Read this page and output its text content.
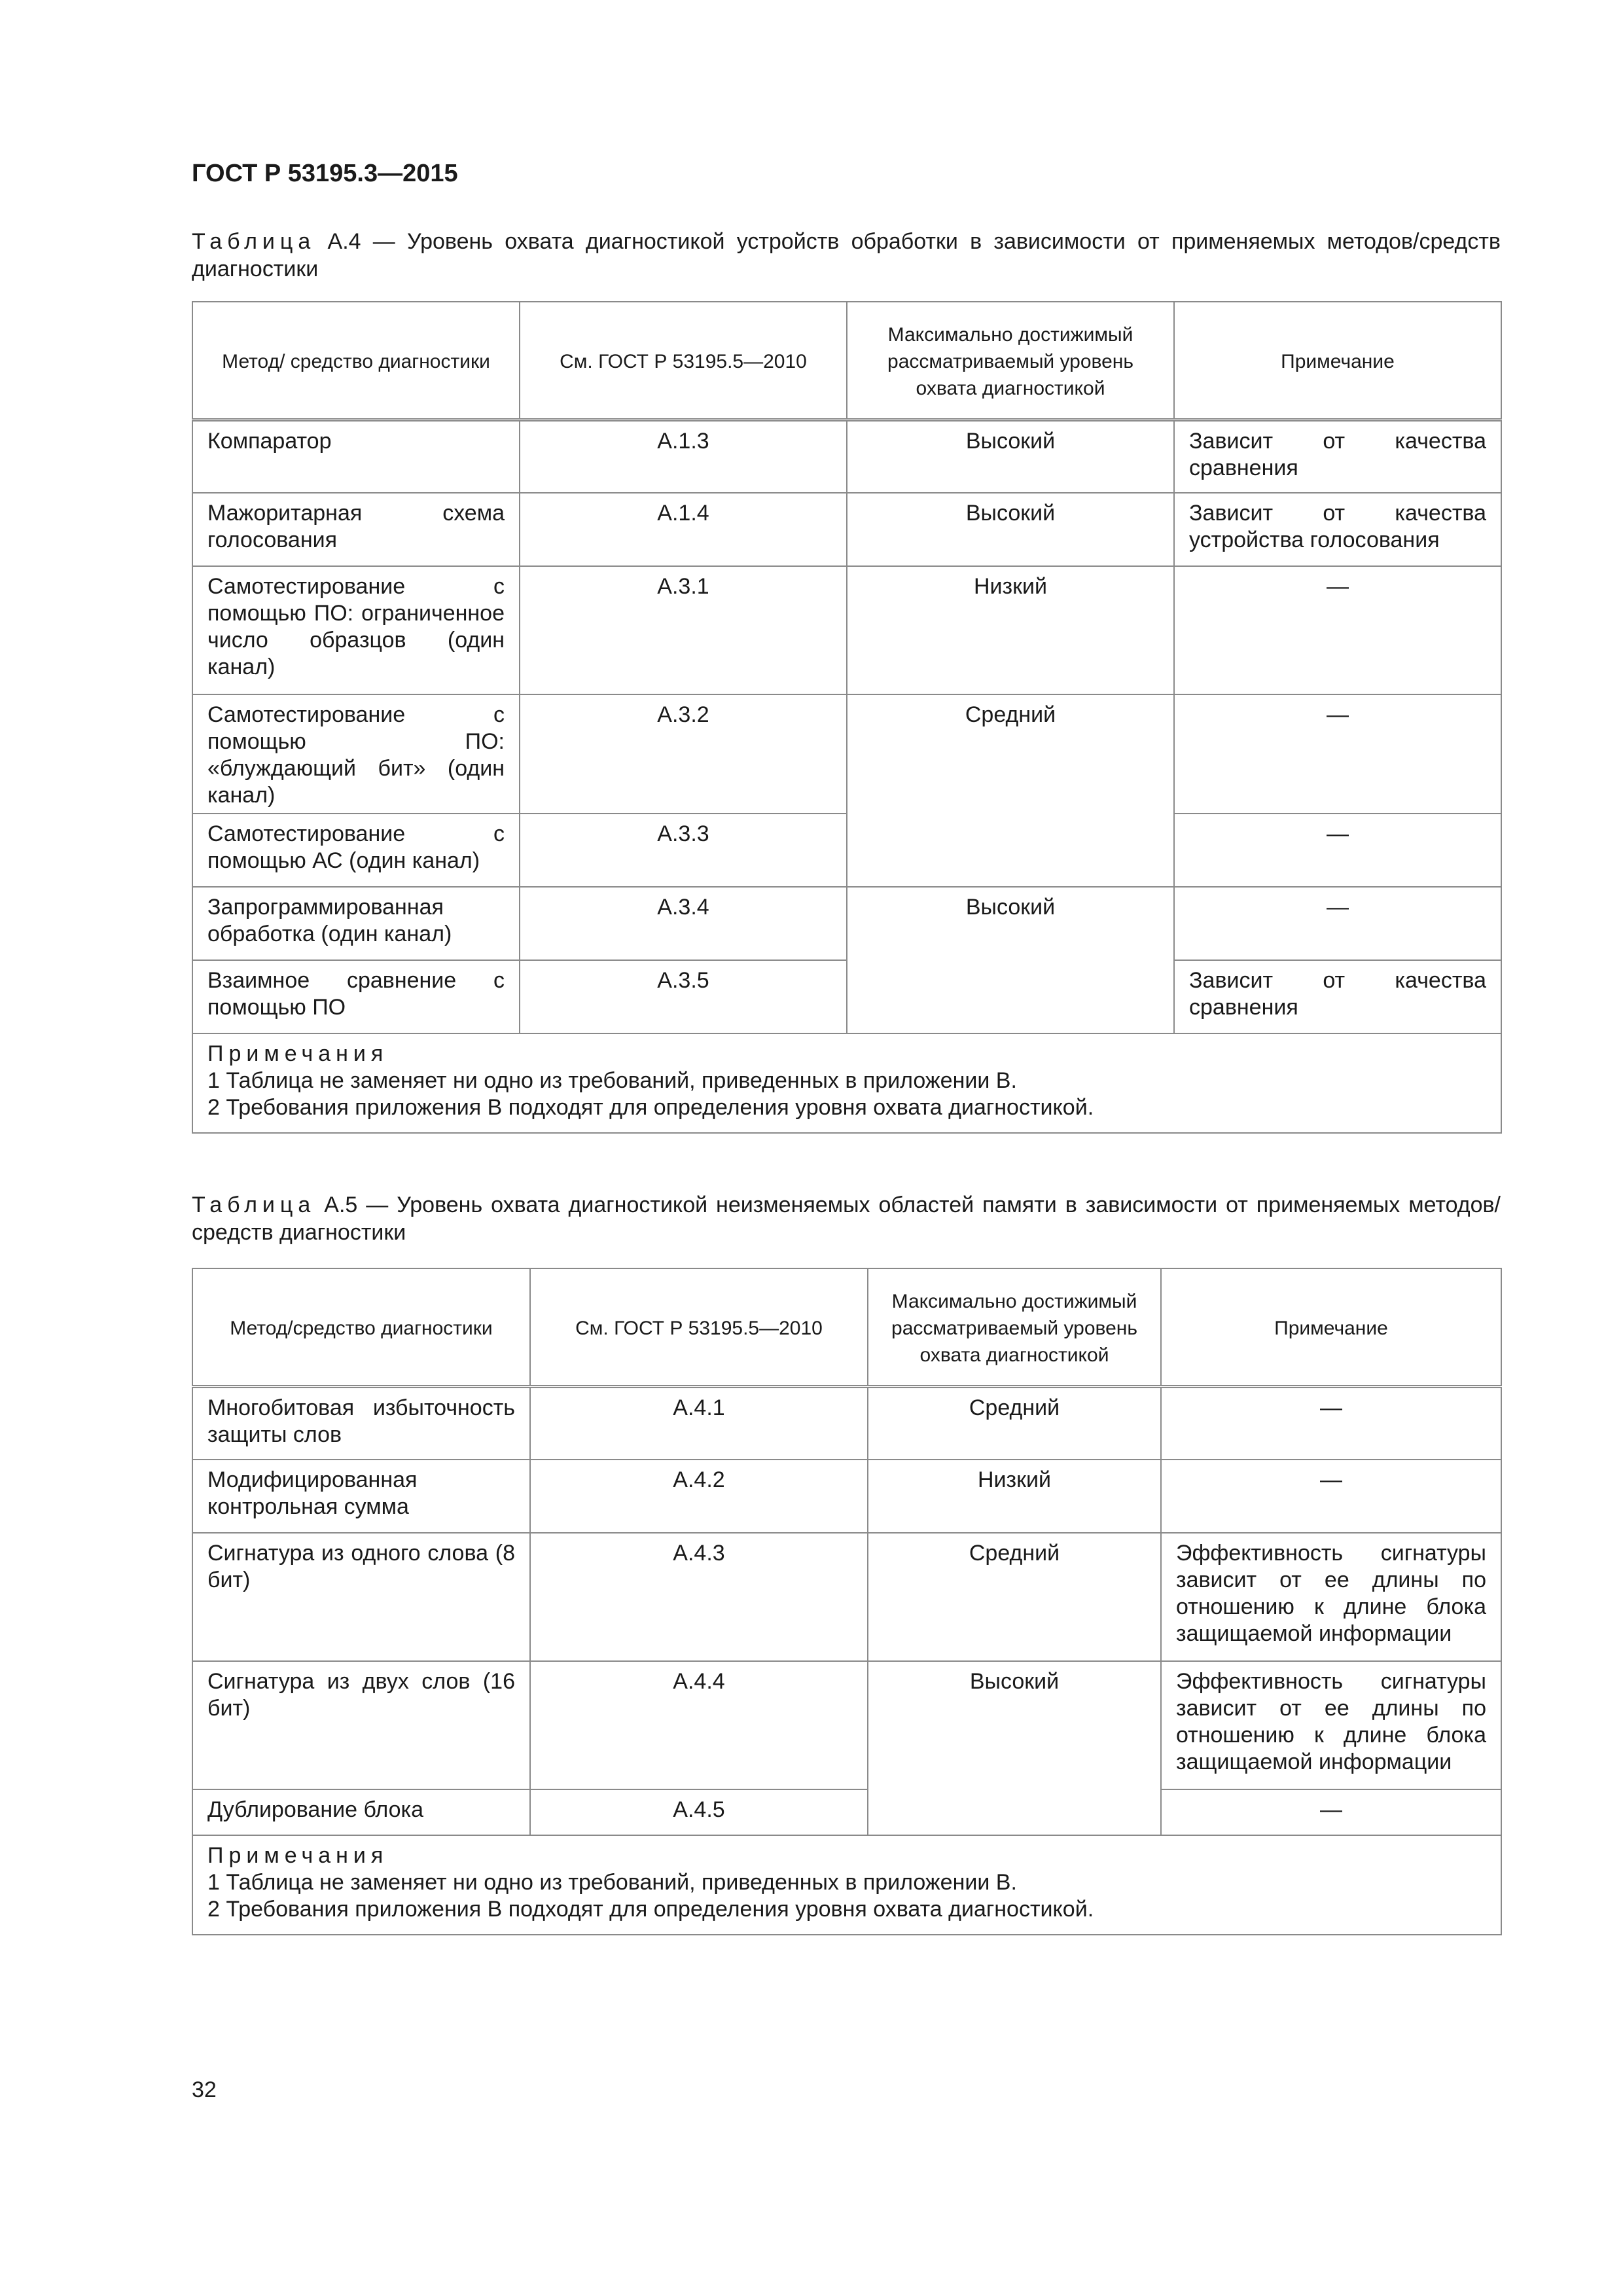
ГОСТ Р 53195.3—2015

Таблица А.4 — Уровень охвата диагностикой устройств обработки в зависимости от применяемых методов/средств диагностики

Метод/ средство диагностики	См. ГОСТ Р 53195.5—2010	Максимально достижимый рассматриваемый уровень охвата диагностикой	Примечание
Компаратор	А.1.3	Высокий	Зависит от качества сравнения
Мажоритарная схема голосования	А.1.4	Высокий	Зависит от качества устройства голосования
Самотестирование с помощью ПО: ограниченное число образцов (один канал)	А.3.1	Низкий	—
Самотестирование с помощью ПО: «блуждающий бит» (один канал)	А.3.2	Средний	—
Самотестирование с помощью АС (один канал)	А.3.3		—
Запрограммированная обработка (один канал)	А.3.4	Высокий	—
Взаимное сравнение с помощью ПО	А.3.5		Зависит от качества сравнения

Примечания
1 Таблица не заменяет ни одно из требований, приведенных в приложении В.
2 Требования приложения В подходят для определения уровня охвата диагностикой.			

Таблица А.5 — Уровень охвата диагностикой неизменяемых областей памяти в зависимости от применяемых методов/средств диагностики

Метод/средство диагностики	См. ГОСТ Р 53195.5—2010	Максимально достижимый рассматриваемый уровень охвата диагностикой	Примечание
Многобитовая избыточность защиты слов	А.4.1	Средний	—
Модифицированная контрольная сумма	А.4.2	Низкий	—
Сигнатура из одного слова (8 бит)	А.4.3	Средний	Эффективность сигнатуры зависит от ее длины по отношению к длине блока защищаемой информации
Сигнатура из двух слов (16 бит)	А.4.4	Высокий	Эффективность сигнатуры зависит от ее длины по отношению к длине блока защищаемой информации
Дублирование блока	А.4.5		—

Примечания
1 Таблица не заменяет ни одно из требований, приведенных в приложении В.
2 Требования приложения В подходят для определения уровня охвата диагностикой.			

32
